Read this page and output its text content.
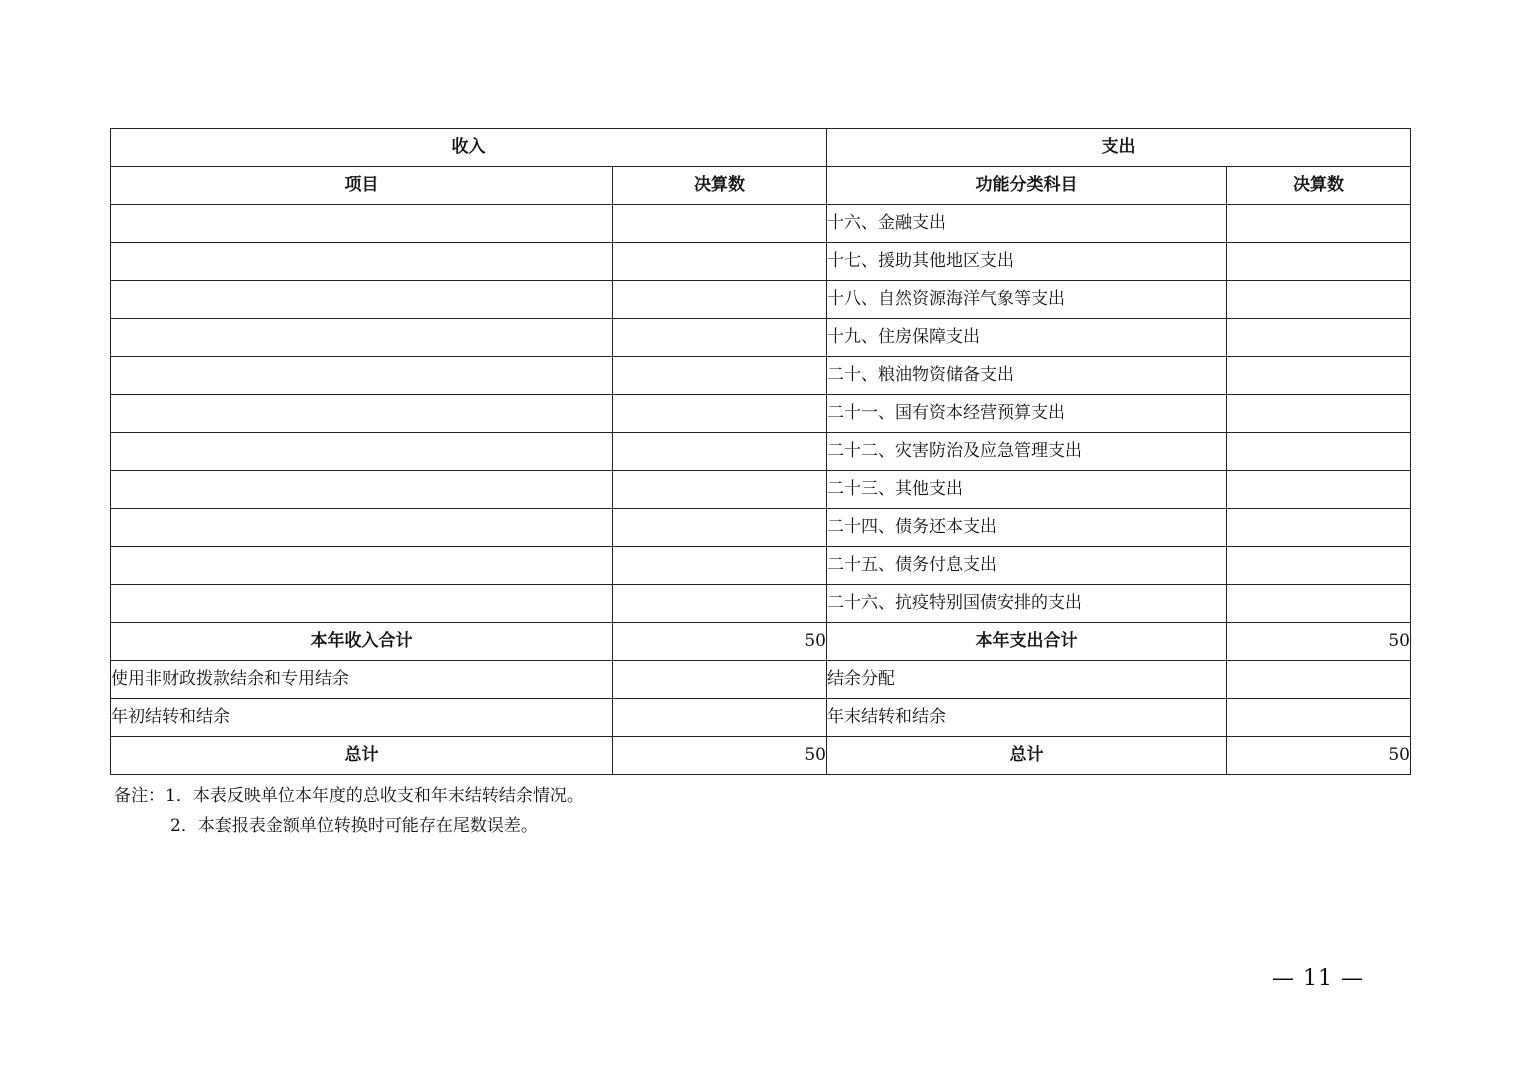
收入		支出	
项目	决算数	功能分类科目	决算数
		十六、金融支出	
		十七、援助其他地区支出	
		十八、自然资源海洋气象等支出	
		十九、住房保障支出	
		二十、粮油物资储备支出	
		二十一、国有资本经营预算支出	
		二十二、灾害防治及应急管理支出	
		二十三、其他支出	
		二十四、债务还本支出	
		二十五、债务付息支出	
		二十六、抗疫特别国债安排的支出	
本年收入合计	50	本年支出合计	50
使用非财政拨款结余和专用结余		结余分配	
年初结转和结余		年末结转和结余	
总计	50	总计	50
备注：1．本表反映单位本年度的总收支和年末结转结余情况。
2．本套报表金额单位转换时可能存在尾数误差。
— 11 —
